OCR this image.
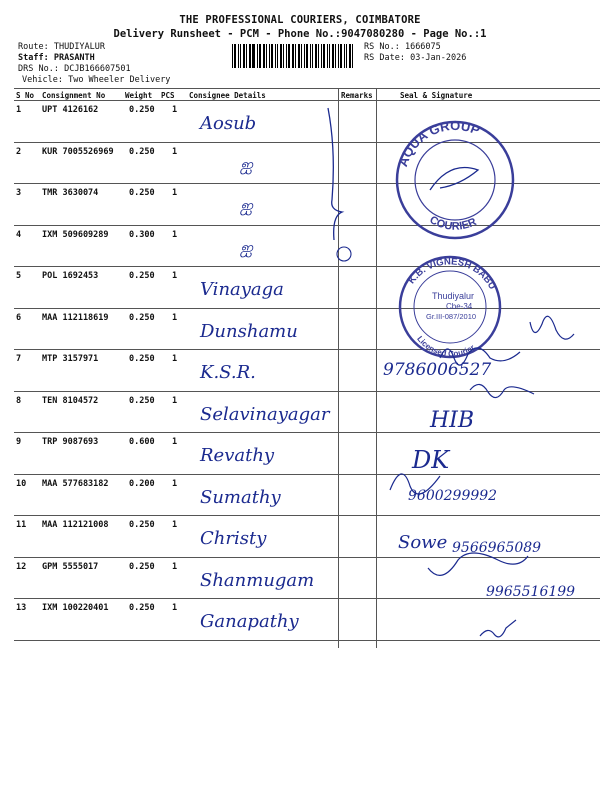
THE PROFESSIONAL COURIERS, COIMBATORE
Delivery Runsheet - PCM - Phone No.:9047080280 - Page No.:1
Route: THUDIYALUR
Staff: PRASANTH
DRS No.: DCJB166607501
Vehicle: Two Wheeler Delivery
RS No.: 1666075
RS Date: 03-Jan-2026
S No Consignment No	Weight PCS Consignee Details	Remarks	Seal & Signature
1 UPT 4126162	0.250 1
Aosub
2 KUR 7005526969 0.250 1
ஐ
3 TMR 3630074	0.250 1
ஐ
4 IXM 509609289 0.300 1
ஐ
5 POL 1692453	0.250 1
Vinayaga
6 MAA 112118619 0.250 1
Dunshamu
7 MTP 3157971	0.250 1
K.S.R.
8 TEN 8104572	0.250 1
Selavinayagar
9 TRP 9087693	0.600 1
Revathy
10 MAA 577683182 0.200 1
Sumathy
11 MAA 112121008 0.250 1
Christy
12 GPM 5555017	0.250 1
Shanmugam
13 IXM 100220401 0.250 1
Ganapathy
AQUA GROUP
COURIER
K.B. VIGNESH BABU
Licensed Courier
Thudiyalur
Cbe-34
Gr.III-087/2010
9786006527
HIB
DK
9600299992
Sowe 9566965089
9965516199
